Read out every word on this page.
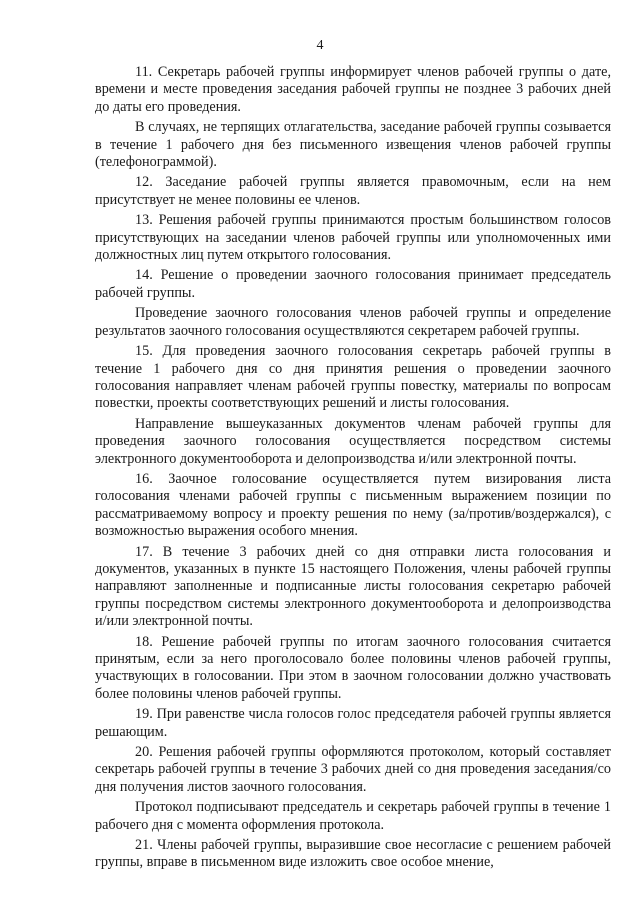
4

11. Секретарь рабочей группы информирует членов рабочей группы о дате, времени и месте проведения заседания рабочей группы не позднее 3 рабочих дней до даты его проведения.

В случаях, не терпящих отлагательства, заседание рабочей группы созывается в течение 1 рабочего дня без письменного извещения членов рабочей группы (телефонограммой).

12. Заседание рабочей группы является правомочным, если на нем присутствует не менее половины ее членов.

13. Решения рабочей группы принимаются простым большинством голосов присутствующих на заседании членов рабочей группы или уполномоченных ими должностных лиц путем открытого голосования.

14. Решение о проведении заочного голосования принимает председатель рабочей группы.

Проведение заочного голосования членов рабочей группы и определение результатов заочного голосования осуществляются секретарем рабочей группы.

15. Для проведения заочного голосования секретарь рабочей группы в течение 1 рабочего дня со дня принятия решения о проведении заочного голосования направляет членам рабочей группы повестку, материалы по вопросам повестки, проекты соответствующих решений и листы голосования.

Направление вышеуказанных документов членам рабочей группы для проведения заочного голосования осуществляется посредством системы электронного документооборота и делопроизводства и/или электронной почты.

16. Заочное голосование осуществляется путем визирования листа голосования членами рабочей группы с письменным выражением позиции по рассматриваемому вопросу и проекту решения по нему (за/против/воздержался), с возможностью выражения особого мнения.

17. В течение 3 рабочих дней со дня отправки листа голосования и документов, указанных в пункте 15 настоящего Положения, члены рабочей группы направляют заполненные и подписанные листы голосования секретарю рабочей группы посредством системы электронного документооборота и делопроизводства и/или электронной почты.

18. Решение рабочей группы по итогам заочного голосования считается принятым, если за него проголосовало более половины членов рабочей группы, участвующих в голосовании. При этом в заочном голосовании должно участвовать более половины членов рабочей группы.

19. При равенстве числа голосов голос председателя рабочей группы является решающим.

20. Решения рабочей группы оформляются протоколом, который составляет секретарь рабочей группы в течение 3 рабочих дней со дня проведения заседания/со дня получения листов заочного голосования.

Протокол подписывают председатель и секретарь рабочей группы в течение 1 рабочего дня с момента оформления протокола.

21. Члены рабочей группы, выразившие свое несогласие с решением рабочей группы, вправе в письменном виде изложить свое особое мнение,
